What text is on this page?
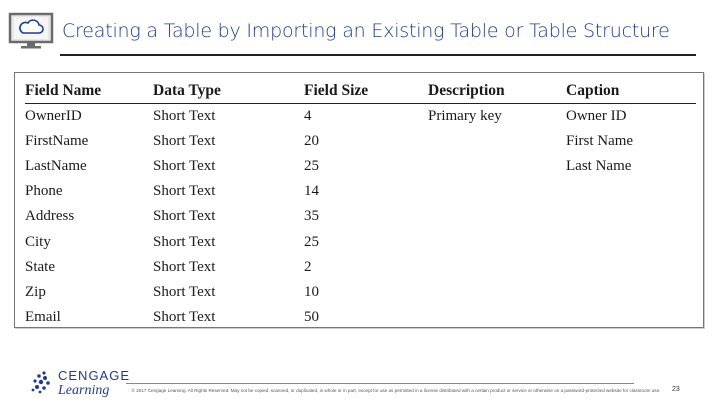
Creating a Table by Importing an Existing Table or Table Structure
Field Name	Data Type	Field Size	Description	Caption
OwnerID	Short Text	4	Primary key	Owner ID
FirstName	Short Text	20		First Name
LastName	Short Text	25		Last Name
Phone	Short Text	14		
Address	Short Text	35		
City	Short Text	25		
State	Short Text	2		
Zip	Short Text	10		
Email	Short Text	50		
CENGAGE
Learning	© 2017 Cengage Learning. All Rights Reserved. May not be copied, scanned, or duplicated, in whole or in part, except for use as permitted in a license distributed with a certain product or service or otherwise on a password-protected website for classroom use.	23
